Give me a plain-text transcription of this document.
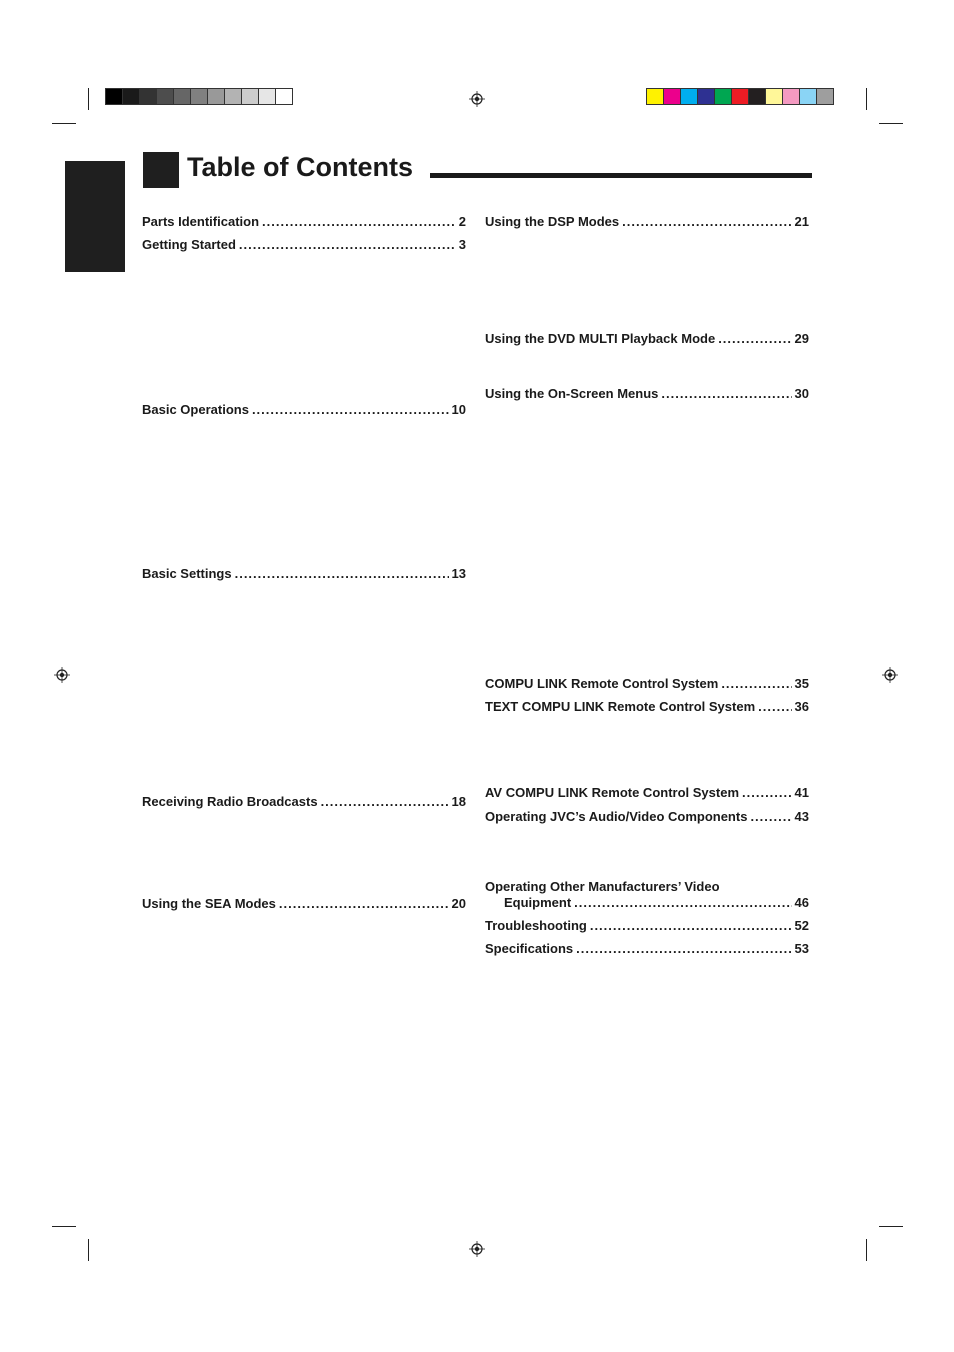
Table of Contents
Parts Identification .....	2
Getting Started .....	3
Basic Operations .....	10
Basic Settings .....	13
Receiving Radio Broadcasts .....	18
Using the SEA Modes .....	20
Using the DSP Modes .....	21
Using the DVD MULTI Playback Mode .....	29
Using the On-Screen Menus .....	30
COMPU LINK Remote Control System .....	35
TEXT COMPU LINK Remote Control System .....	36
AV COMPU LINK Remote Control System .....	41
Operating JVC’s Audio/Video Components .....	43
Operating Other Manufacturers’ Video
Equipment .....	46
Troubleshooting .....	52
Specifications .....	53
